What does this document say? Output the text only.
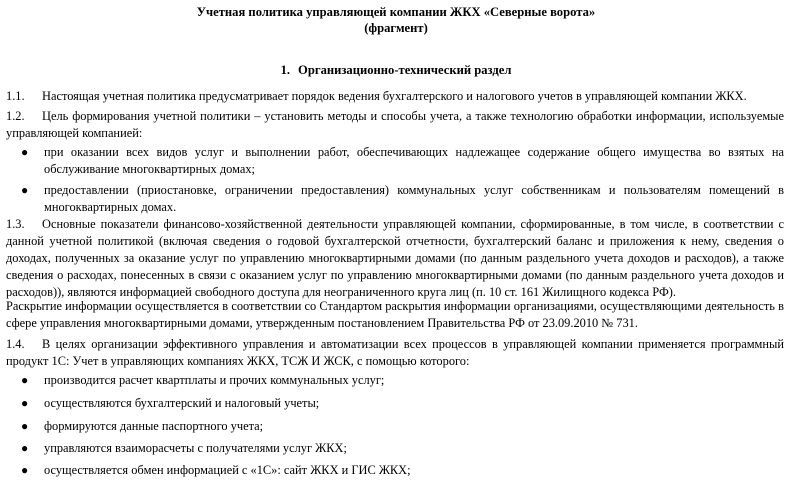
Учетная политика управляющей компании ЖКХ «Северные ворота»
(фрагмент)
1. Организационно-технический раздел
1.1. Настоящая учетная политика предусматривает порядок ведения бухгалтерского и налогового учетов в управляющей компании ЖКХ.
1.2. Цель формирования учетной политики – установить методы и способы учета, а также технологию обработки информации, используемые управляющей компанией:
● при оказании всех видов услуг и выполнении работ, обеспечивающих надлежащее содержание общего имущества во взятых на обслуживание многоквартирных домах;
● предоставлении (приостановке, ограничении предоставления) коммунальных услуг собственникам и пользователям помещений в многоквартирных домах.
1.3. Основные показатели финансово-хозяйственной деятельности управляющей компании, сформированные, в том числе, в соответствии с данной учетной политикой (включая сведения о годовой бухгалтерской отчетности, бухгалтерский баланс и приложения к нему, сведения о доходах, полученных за оказание услуг по управлению многоквартирными домами (по данным раздельного учета доходов и расходов), а также сведения о расходах, понесенных в связи с оказанием услуг по управлению многоквартирными домами (по данным раздельного учета доходов и расходов)), являются информацией свободного доступа для неограниченного круга лиц (п. 10 ст. 161 Жилищного кодекса РФ).
Раскрытие информации осуществляется в соответствии со Стандартом раскрытия информации организациями, осуществляющими деятельность в сфере управления многоквартирными домами, утвержденным постановлением Правительства РФ от 23.09.2010 № 731.
1.4. В целях организации эффективного управления и автоматизации всех процессов в управляющей компании применяется программный продукт 1С: Учет в управляющих компаниях ЖКХ, ТСЖ И ЖСК, с помощью которого:
● производится расчет квартплаты и прочих коммунальных услуг;
● осуществляются бухгалтерский и налоговый учеты;
● формируются данные паспортного учета;
● управляются взаиморасчеты с получателями услуг ЖКХ;
● осуществляется обмен информацией с «1С»: сайт ЖКХ и ГИС ЖКХ;
